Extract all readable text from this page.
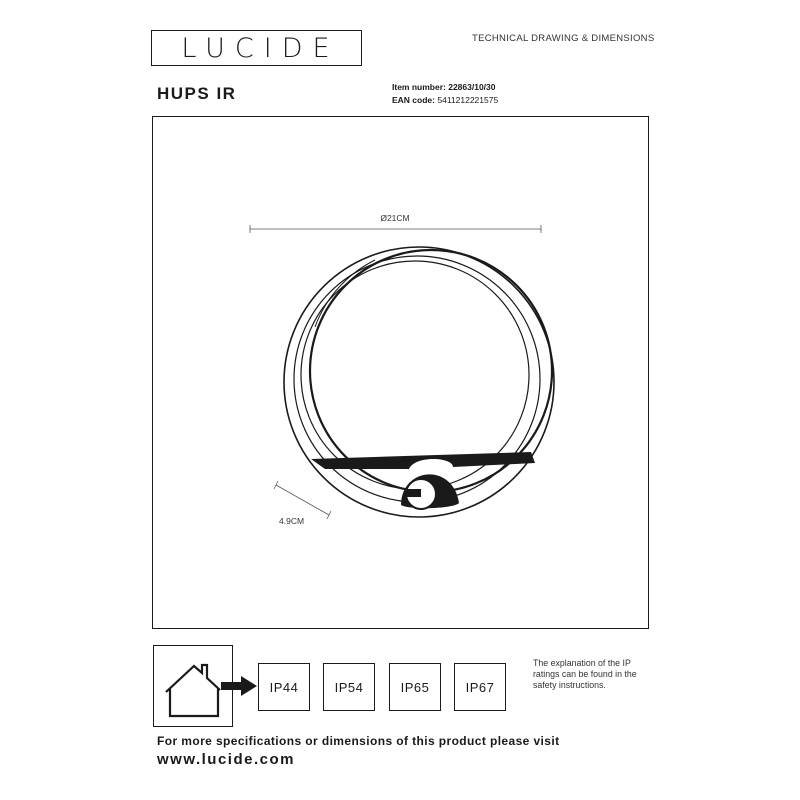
LUCIDE	TECHNICAL DRAWING & DIMENSIONS
HUPS IR	Item number: 22863/10/30
EAN code: 5411212221575
Ø21CM
4.9CM
IP44	IP54	IP65	IP67
The explanation of the IP ratings can be found in the safety instructions.
For more specifications or dimensions of this product please visit
www.lucide.com
